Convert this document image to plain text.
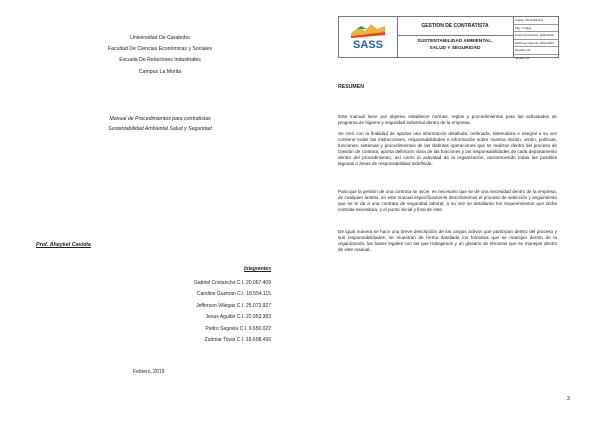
Universidad De Carabobo
Facultad De Ciencias Económicas y Sociales
Escuela De Relaciones Industriales
Campus La Morita
Manual de Procedimientos para contratistas
Sustentabilidad Ambiental Salud y Seguridad
Prof. Aheykel Cavidia
Integrantes
Gabriel Cristancho C.I. 20.067.409
Caroline Guzman C.I. 18.554.115
Jefferson Villegas C.I. 25.073.927
Jesus Aguilar C.I. 22.953.383
Pedro Segovia C.I. 9.650.022
Zurimar Tovar C.I. 18.608.456
Febrero, 2019
SASS
GESTION DE CONTRATISTA
SUSTENTABILIDAD AMBIENTAL,
SALUD Y SEGURIDAD
Código: VE-SASS-014
Pág.: 3 Ilgine
Fecha de Revisión: 22/01/2019
Fecha de Vigencia: 22/01/2020
Revisión: 01
Versión: 01
RESUMEN
Este manual tiene por objetivo establecer normas, reglas y procedimientos para las actividades de programa de higiene y seguridad industrial dentro de la empresa.
Se creó con la finalidad de aportar una información detallada, ordenada, sistemática e integral a su vez contiene todas las instrucciones, responsabilidades e información sobre nuestra misión, visión, políticas, funciones, sistemas y procedimientos de las distintas operaciones que se realizan dentro del proceso de Gestión de contrata, aporta definición clara de las funciones y las responsabilidades de cada departamento dentro del procedimiento, así como la actividad de la organización, esclareciendo todas las posibles lagunas o áreas de responsabilidad indefinida.
Para que la gestión de una contrata se inicie, es necesario que se dé una necesidad dentro de la empresa, de cualquier ámbito, en este manual específicamente describiremos el proceso de selección y seguimiento que se le da a una contrata de seguridad laboral, a su vez se detallaran los requerimientos que dicha contrata necesitara, y el punto inicial y final de este.
De igual manera se hace una breve descripción de los cargos activos que participan dentro del proceso y sus responsabilidades, se muestran de forma detallada los formatos que se manejan dentro de la organización, las bases legales con las que trabajamos y un glosario de términos que se manejan dentro de este manual.
3
